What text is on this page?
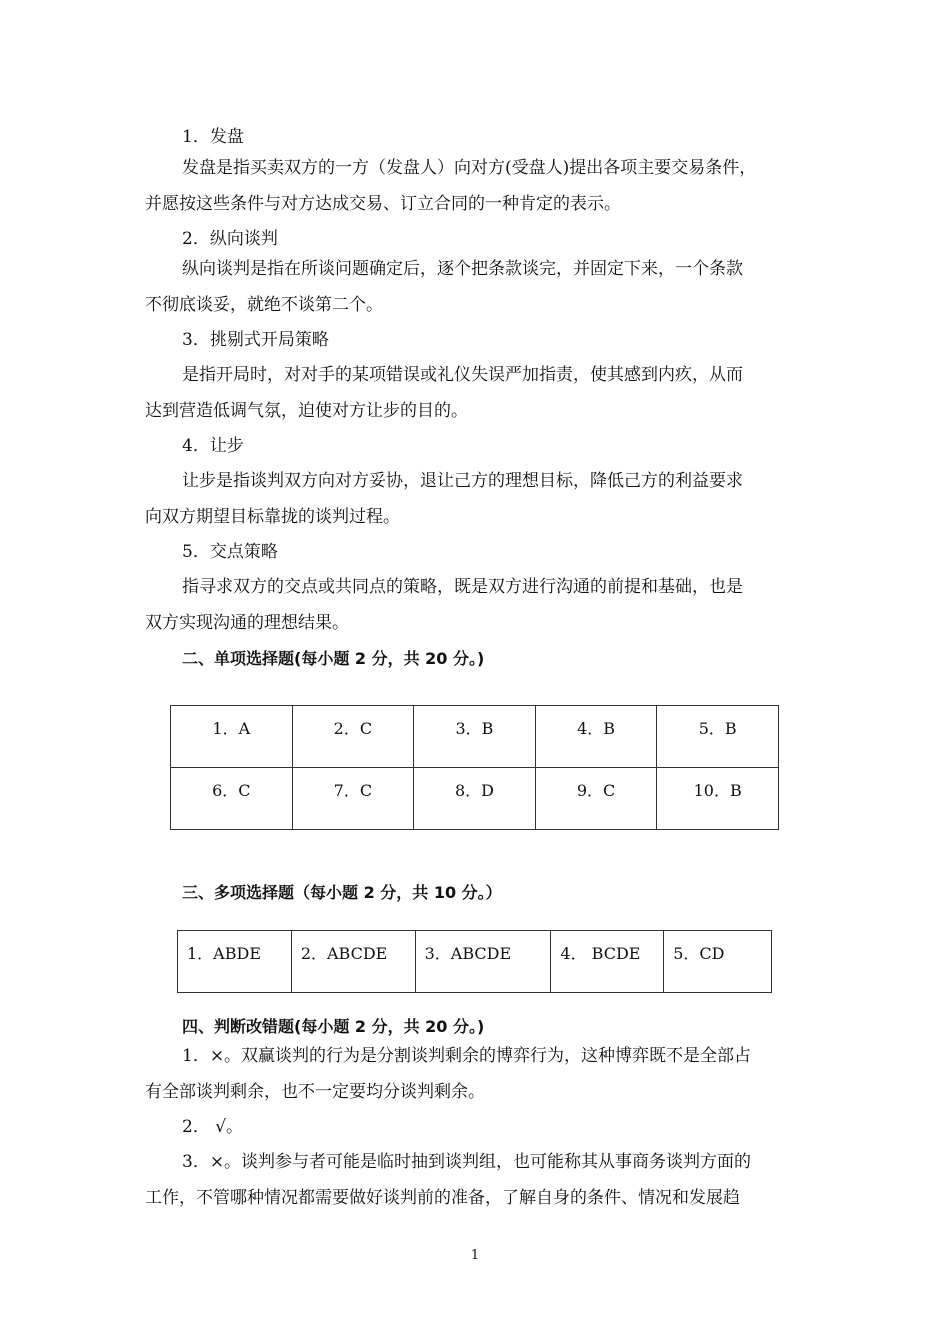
1．发盘
发盘是指买卖双方的一方（发盘人）向对方(受盘人)提出各项主要交易条件，
并愿按这些条件与对方达成交易、订立合同的一种肯定的表示。
2．纵向谈判
纵向谈判是指在所谈问题确定后，逐个把条款谈完，并固定下来，一个条款
不彻底谈妥，就绝不谈第二个。
3．挑剔式开局策略
是指开局时，对对手的某项错误或礼仪失误严加指责，使其感到内疚，从而
达到营造低调气氛，迫使对方让步的目的。
4．让步
让步是指谈判双方向对方妥协，退让己方的理想目标，降低己方的利益要求
向双方期望目标靠拢的谈判过程。
5．交点策略
指寻求双方的交点或共同点的策略，既是双方进行沟通的前提和基础，也是
双方实现沟通的理想结果。
二、单项选择题(每小题 2 分，共 20 分。)
1．A	2．C	3．B	4．B	5．B
6．C	7．C	8．D	9．C	10．B
三、多项选择题（每小题 2 分，共 10 分。）
1．ABDE	2．ABCDE	3．ABCDE	4． BCDE	5．CD
四、判断改错题(每小题 2 分，共 20 分。)
1．×。双赢谈判的行为是分割谈判剩余的博弈行为，这种博弈既不是全部占
有全部谈判剩余，也不一定要均分谈判剩余。
2． √。
3．×。谈判参与者可能是临时抽到谈判组，也可能称其从事商务谈判方面的
工作，不管哪种情况都需要做好谈判前的准备，了解自身的条件、情况和发展趋
1
